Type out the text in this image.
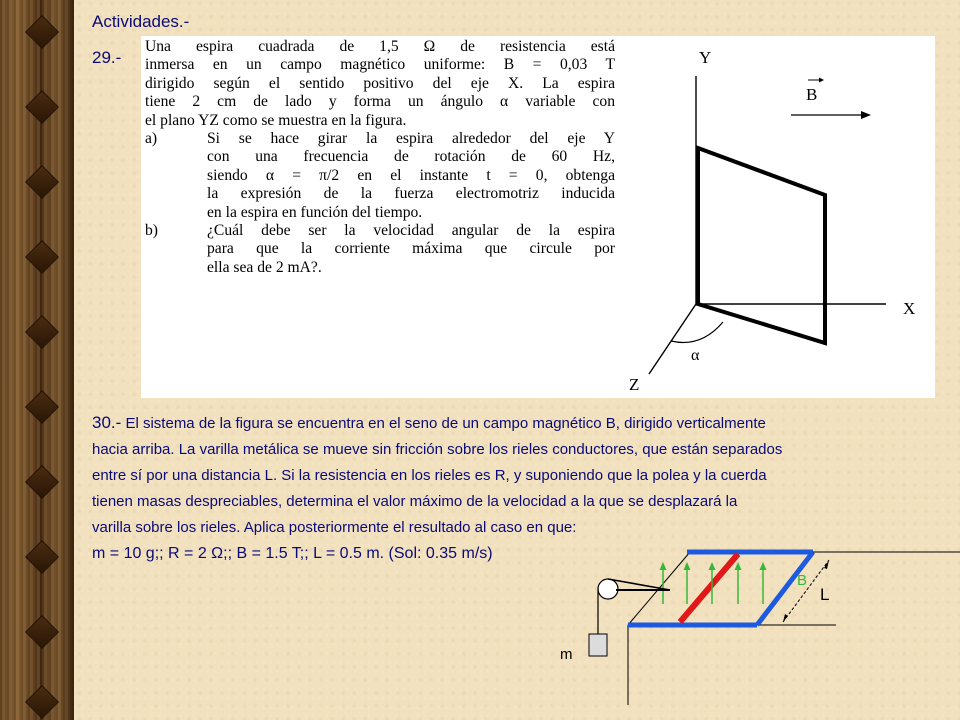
Actividades.-
29.-
Una espira cuadrada de 1,5 Ω de resistencia está
inmersa en un campo magnético uniforme: B = 0,03 T
dirigido según el sentido positivo del eje X. La espira
tiene 2 cm de lado y forma un ángulo α variable con
el plano YZ como se muestra en la figura.
a)	Si se hace girar la espira alrededor del eje Y
con una frecuencia de rotación de 60 Hz,
siendo α = π/2 en el instante t = 0, obtenga
la expresión de la fuerza electromotriz inducida
en la espira en función del tiempo.
b)	¿Cuál debe ser la velocidad angular de la espira
para que la corriente máxima que circule por
ella sea de 2 mA?.
Y
X
Z
B
α
30.- El sistema de la figura se encuentra en el seno de un campo magnético B, dirigido verticalmente
hacia arriba. La varilla metálica se mueve sin fricción sobre los rieles conductores, que están separados
entre sí por una distancia L. Si la resistencia en los rieles es R, y suponiendo que la polea y la cuerda
tienen masas despreciables, determina el valor máximo de la velocidad a la que se desplazará la
varilla sobre los rieles. Aplica posteriormente el resultado al caso en que:
m = 10 g;; R = 2 Ω;; B = 1.5 T;; L = 0.5 m. (Sol: 0.35 m/s)
B
L
m
